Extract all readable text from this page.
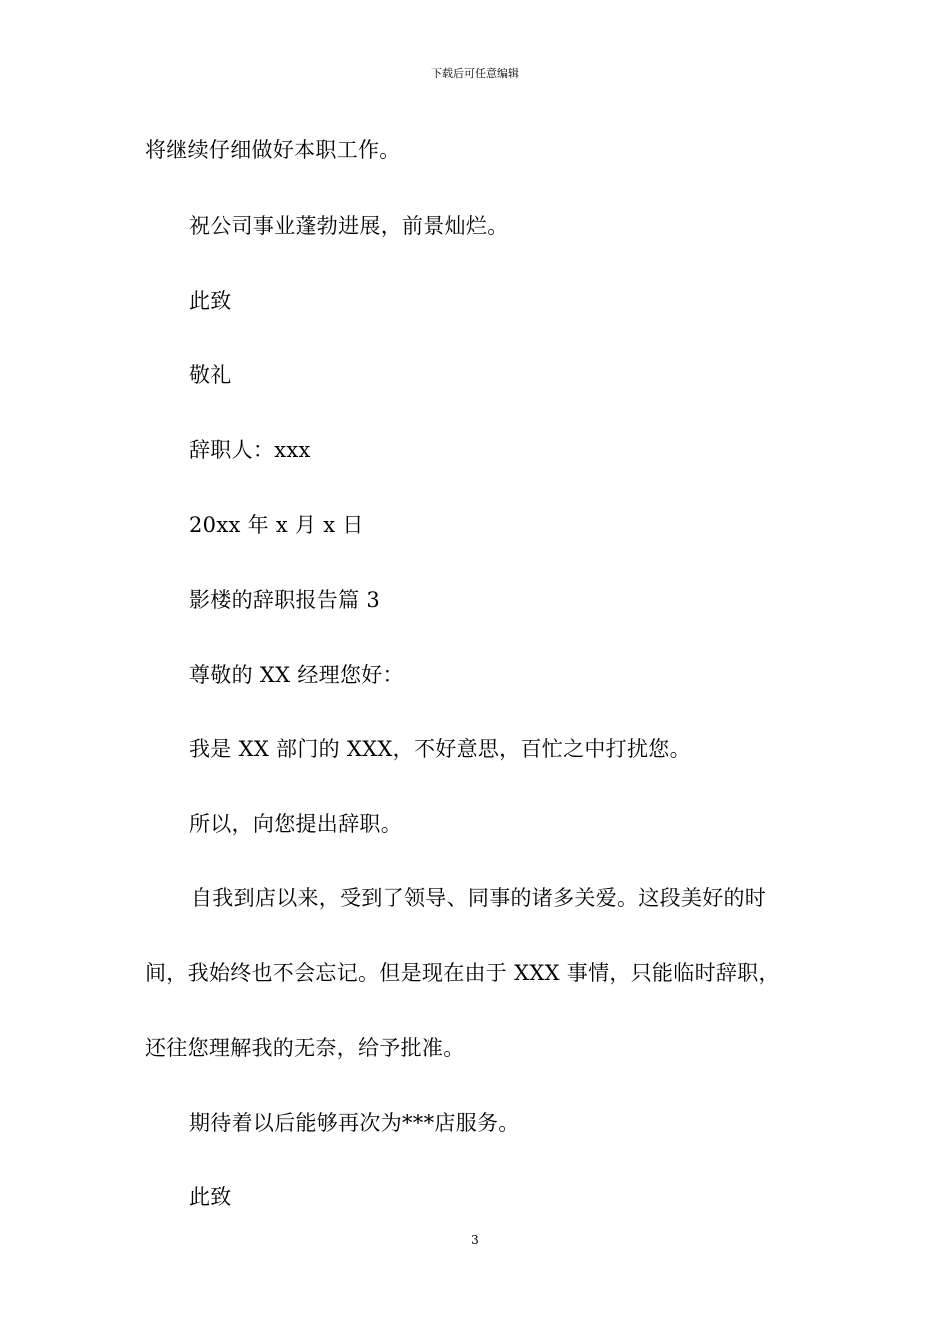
下载后可任意编辑
将继续仔细做好本职工作。
祝公司事业蓬勃进展，前景灿烂。
此致
敬礼
辞职人：xxx
20xx 年 x 月 x 日
影楼的辞职报告篇 3
尊敬的 XX 经理您好：
我是 XX 部门的 XXX，不好意思，百忙之中打扰您。
所以，向您提出辞职。
自我到店以来，受到了领导、同事的诸多关爱。这段美好的时
间，我始终也不会忘记。但是现在由于 XXX 事情，只能临时辞职，
还往您理解我的无奈，给予批准。
期待着以后能够再次为***店服务。
此致
3
